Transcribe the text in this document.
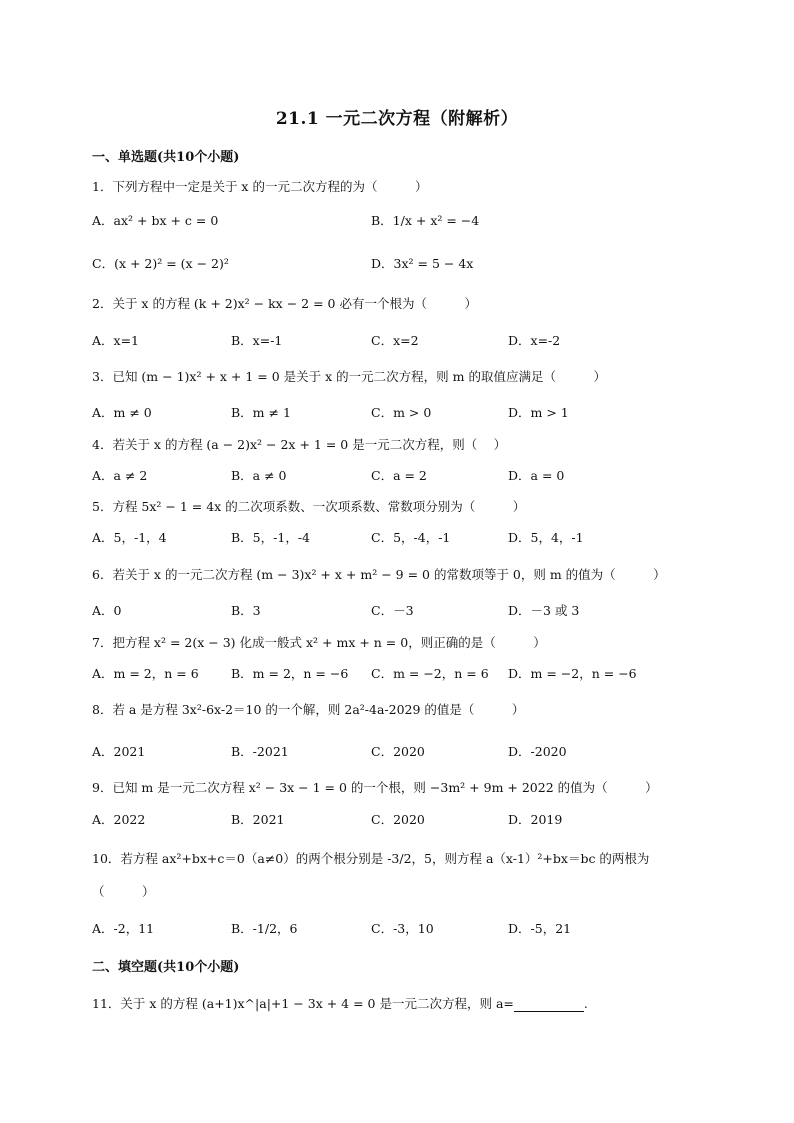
21.1 一元二次方程（附解析）
一、单选题(共10个小题)
1．下列方程中一定是关于 x 的一元二次方程的为（　　　）
A．ax² + bx + c = 0	B．1/x + x² = −4
C．(x + 2)² = (x − 2)²	D．3x² = 5 − 4x
2．关于 x 的方程 (k + 2)x² − kx − 2 = 0 必有一个根为（　　　）
A．x=1	B．x=-1	C．x=2	D．x=-2
3．已知 (m − 1)x² + x + 1 = 0 是关于 x 的一元二次方程，则 m 的取值应满足（　　　）
A．m ≠ 0	B．m ≠ 1	C．m > 0	D．m > 1
4．若关于 x 的方程 (a − 2)x² − 2x + 1 = 0 是一元二次方程，则（　 ）
A．a ≠ 2	B．a ≠ 0	C．a = 2	D．a = 0
5．方程 5x² − 1 = 4x 的二次项系数、一次项系数、常数项分别为（　　　）
A．5，-1，4	B．5，-1，-4	C．5，-4，-1	D．5，4，-1
6．若关于 x 的一元二次方程 (m − 3)x² + x + m² − 9 = 0 的常数项等于 0，则 m 的值为（　　　）
A．0	B．3	C．－3	D．－3 或 3
7．把方程 x² = 2(x − 3) 化成一般式 x² + mx + n = 0，则正确的是（　　　）
A．m = 2，n = 6	B．m = 2，n = −6 C．m = −2，n = 6 D．m = −2，n = −6
8．若 a 是方程 3x²-6x-2＝10 的一个解，则 2a²-4a-2029 的值是（　　　）
A．2021	B．-2021	C．2020	D．-2020
9．已知 m 是一元二次方程 x² − 3x − 1 = 0 的一个根，则 −3m² + 9m + 2022 的值为（　　　）
A．2022	B．2021	C．2020	D．2019
10．若方程 ax²+bx+c＝0（a≠0）的两个根分别是 -3/2，5，则方程 a（x-1）²+bx＝bc 的两根为
（　　　）
A．-2，11	B．-1/2，6	C．-3，10	D．-5，21
二、填空题(共10个小题)
11．关于 x 的方程 (a+1)x^|a|+1 − 3x + 4 = 0 是一元二次方程，则 a=	.
